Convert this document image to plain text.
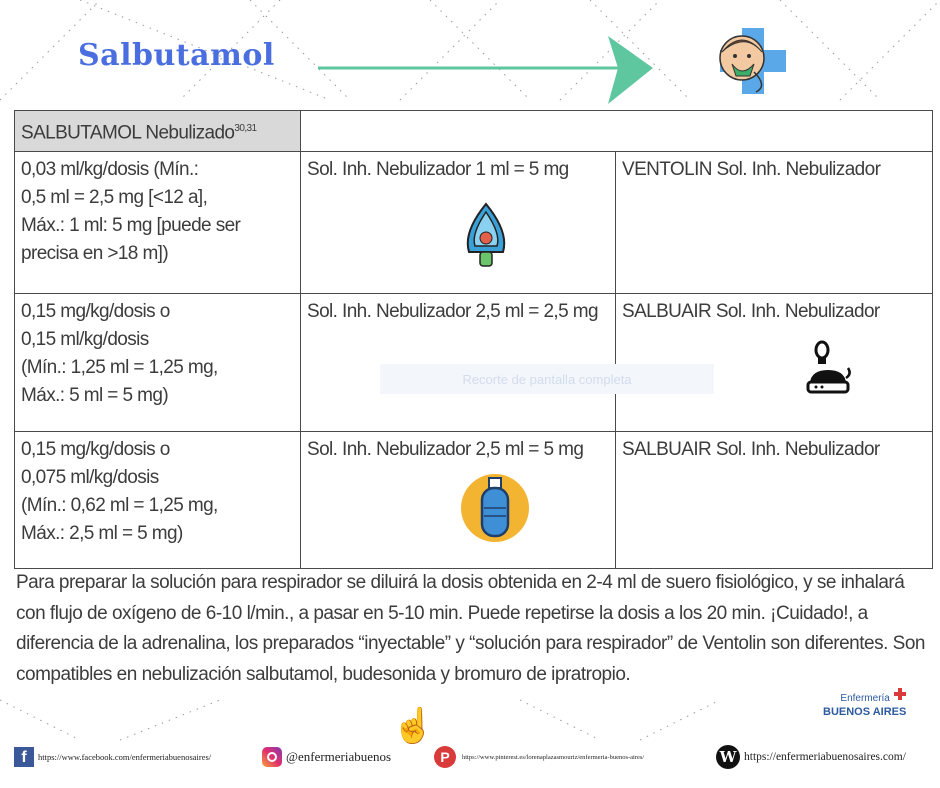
Salbutamol
SALBUTAMOL Nebulizado$^{30,31}$	

0,03 ml/kg/dosis (Mín.:
0,5 ml = 2,5 mg [<12 a],
Máx.: 1 ml: 5 mg [puede ser
precisa en >18 m])	Sol. Inh. Nebulizador 1 ml = 5 mg	VENTOLIN Sol. Inh. Nebulizador

0,15 mg/kg/dosis o
0,15 ml/kg/dosis
(Mín.: 1,25 ml = 1,25 mg,
Máx.: 5 ml = 5 mg)	Sol. Inh. Nebulizador 2,5 ml = 2,5 mg	SALBUAIR Sol. Inh. Nebulizador

0,15 mg/kg/dosis o
0,075 ml/kg/dosis
(Mín.: 0,62 ml = 1,25 mg,
Máx.: 2,5 ml = 5 mg)	Sol. Inh. Nebulizador 2,5 ml = 5 mg	SALBUAIR Sol. Inh. Nebulizador
Recorte de pantalla completa
Para preparar la solución para respirador se diluirá la dosis obtenida en 2-4 ml de suero fisiológico, y se inhalará con flujo de oxígeno de 6-10 l/min., a pasar en 5-10 min. Puede repetirse la dosis a los 20 min. ¡Cuidado!, a diferencia de la adrenalina, los preparados “inyectable” y “solución para respirador” de Ventolin son diferentes. Son compatibles en nebulización salbutamol, budesonida y bromuro de ipratropio.
Enfermería
BUENOS AIRES
☝
f	https://www.facebook.com/enfermeriabuenosaires/	@enfermeriabuenos	P	https://www.pinterest.es/lorenaplazasmouriz/enfermeria-buenos-aires/	W https://enfermeriabuenosaires.com/
